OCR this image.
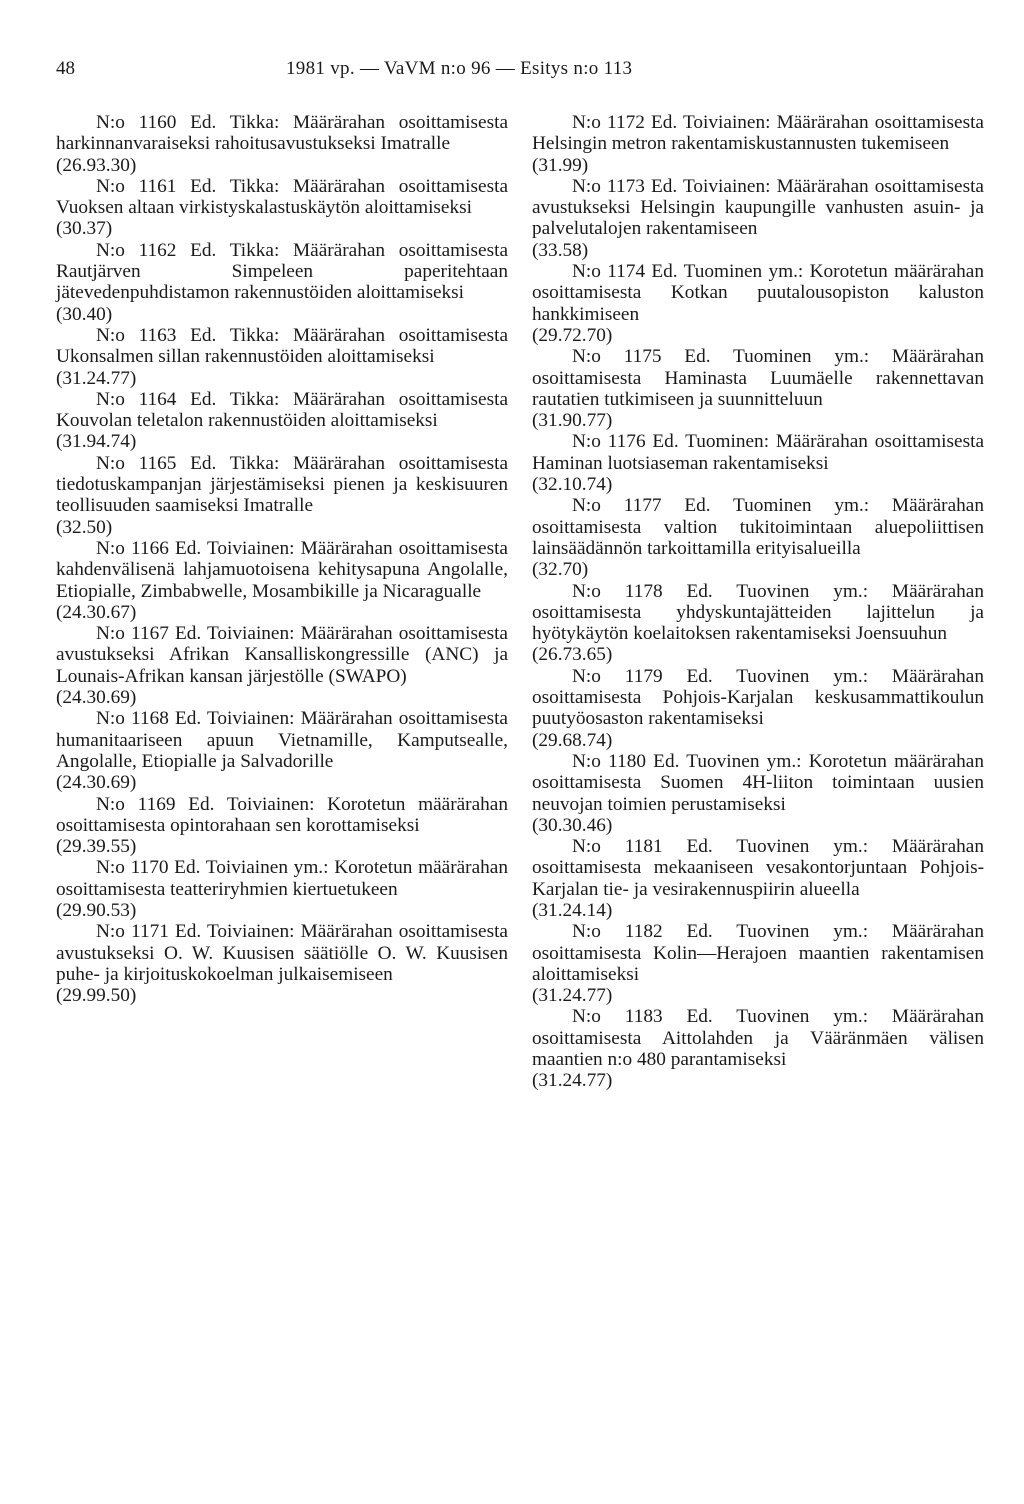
48	1981 vp. — VaVM n:o 96 — Esitys n:o 113

N:o 1160 Ed. Tikka: Määrärahan osoittamisesta harkinnanvaraiseksi rahoitusavustukseksi Imatralle

(26.93.30)

N:o 1161 Ed. Tikka: Määrärahan osoittamisesta Vuoksen altaan virkistyskalastuskäytön aloittamiseksi

(30.37)

N:o 1162 Ed. Tikka: Määrärahan osoittamisesta Rautjärven Simpeleen paperitehtaan jätevedenpuhdistamon rakennustöiden aloittamiseksi

(30.40)

N:o 1163 Ed. Tikka: Määrärahan osoittamisesta Ukonsalmen sillan rakennustöiden aloittamiseksi

(31.24.77)

N:o 1164 Ed. Tikka: Määrärahan osoittamisesta Kouvolan teletalon rakennustöiden aloittamiseksi

(31.94.74)

N:o 1165 Ed. Tikka: Määrärahan osoittamisesta tiedotuskampanjan järjestämiseksi pienen ja keskisuuren teollisuuden saamiseksi Imatralle

(32.50)

N:o 1166 Ed. Toiviainen: Määrärahan osoittamisesta kahdenvälisenä lahjamuotoisena kehitysapuna Angolalle, Etiopialle, Zimbabwelle, Mosambikille ja Nicaragualle

(24.30.67)

N:o 1167 Ed. Toiviainen: Määrärahan osoittamisesta avustukseksi Afrikan Kansalliskongressille (ANC) ja Lounais-Afrikan kansan järjestölle (SWAPO)

(24.30.69)

N:o 1168 Ed. Toiviainen: Määrärahan osoittamisesta humanitaariseen apuun Vietnamille, Kamputsealle, Angolalle, Etiopialle ja Salvadorille

(24.30.69)

N:o 1169 Ed. Toiviainen: Korotetun määrärahan osoittamisesta opintorahaan sen korottamiseksi

(29.39.55)

N:o 1170 Ed. Toiviainen ym.: Korotetun määrärahan osoittamisesta teatteriryhmien kiertuetukeen

(29.90.53)

N:o 1171 Ed. Toiviainen: Määrärahan osoittamisesta avustukseksi O. W. Kuusisen säätiölle O. W. Kuusisen puhe- ja kirjoituskokoelman julkaisemiseen

(29.99.50)

N:o 1172 Ed. Toiviainen: Määrärahan osoittamisesta Helsingin metron rakentamiskustannusten tukemiseen

(31.99)

N:o 1173 Ed. Toiviainen: Määrärahan osoittamisesta avustukseksi Helsingin kaupungille vanhusten asuin- ja palvelutalojen rakentamiseen

(33.58)

N:o 1174 Ed. Tuominen ym.: Korotetun määrärahan osoittamisesta Kotkan puutalousopiston kaluston hankkimiseen

(29.72.70)

N:o 1175 Ed. Tuominen ym.: Määrärahan osoittamisesta Haminasta Luumäelle rakennettavan rautatien tutkimiseen ja suunnitteluun

(31.90.77)

N:o 1176 Ed. Tuominen: Määrärahan osoittamisesta Haminan luotsiaseman rakentamiseksi

(32.10.74)

N:o 1177 Ed. Tuominen ym.: Määrärahan osoittamisesta valtion tukitoimintaan aluepoliittisen lainsäädännön tarkoittamilla erityisalueilla

(32.70)

N:o 1178 Ed. Tuovinen ym.: Määrärahan osoittamisesta yhdyskuntajätteiden lajittelun ja hyötykäytön koelaitoksen rakentamiseksi Joensuuhun

(26.73.65)

N:o 1179 Ed. Tuovinen ym.: Määrärahan osoittamisesta Pohjois-Karjalan keskusammattikoulun puutyöosaston rakentamiseksi

(29.68.74)

N:o 1180 Ed. Tuovinen ym.: Korotetun määrärahan osoittamisesta Suomen 4H-liiton toimintaan uusien neuvojan toimien perustamiseksi

(30.30.46)

N:o 1181 Ed. Tuovinen ym.: Määrärahan osoittamisesta mekaaniseen vesakontorjuntaan Pohjois-Karjalan tie- ja vesirakennuspiirin alueella

(31.24.14)

N:o 1182 Ed. Tuovinen ym.: Määrärahan osoittamisesta Kolin—Herajoen maantien rakentamisen aloittamiseksi

(31.24.77)

N:o 1183 Ed. Tuovinen ym.: Määrärahan osoittamisesta Aittolahden ja Vääränmäen välisen maantien n:o 480 parantamiseksi

(31.24.77)
